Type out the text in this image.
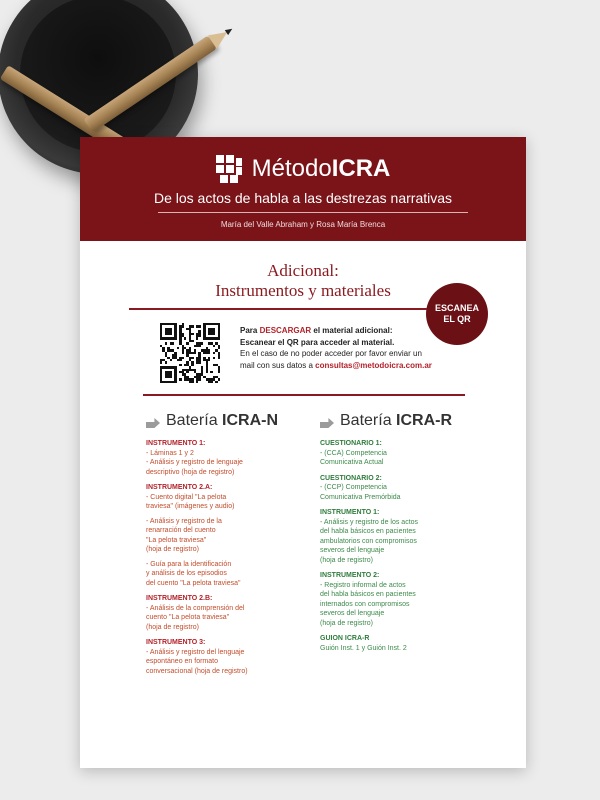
MétodoICRA
De los actos de habla a las destrezas narrativas
María del Valle Abraham y Rosa María Brenca
Adicional:
Instrumentos y materiales
ESCANEA
EL QR
Para DESCARGAR el material adicional:
Escanear el QR para acceder al material.
En el caso de no poder acceder por favor enviar un
mail con sus datos a consultas@metodoicra.com.ar
Batería ICRA-N
INSTRUMENTO 1:
- Láminas 1 y 2
- Análisis y registro de lenguaje
descriptivo (hoja de registro)
INSTRUMENTO 2.A:
- Cuento digital "La pelota
traviesa" (imágenes y audio)
- Análisis y registro de la
renarración del cuento
"La pelota traviesa"
(hoja de registro)
- Guía para la identificación
y análisis de los episodios
del cuento "La pelota traviesa"
INSTRUMENTO 2.B:
- Análisis de la comprensión del
cuento "La pelota traviesa"
(hoja de registro)
INSTRUMENTO 3:
- Análisis y registro del lenguaje
espontáneo en formato
conversacional (hoja de registro)
Batería ICRA-R
CUESTIONARIO 1:
- (CCA) Competencia
Comunicativa Actual
CUESTIONARIO 2:
- (CCP) Competencia
Comunicativa Premórbida
INSTRUMENTO 1:
- Análisis y registro de los actos
del habla básicos en pacientes
ambulatorios con compromisos
severos del lenguaje
(hoja de registro)
INSTRUMENTO 2:
- Registro informal de actos
del habla básicos en pacientes
internados con compromisos
severos del lenguaje
(hoja de registro)
GUION ICRA-R
Guión Inst. 1 y Guión Inst. 2
